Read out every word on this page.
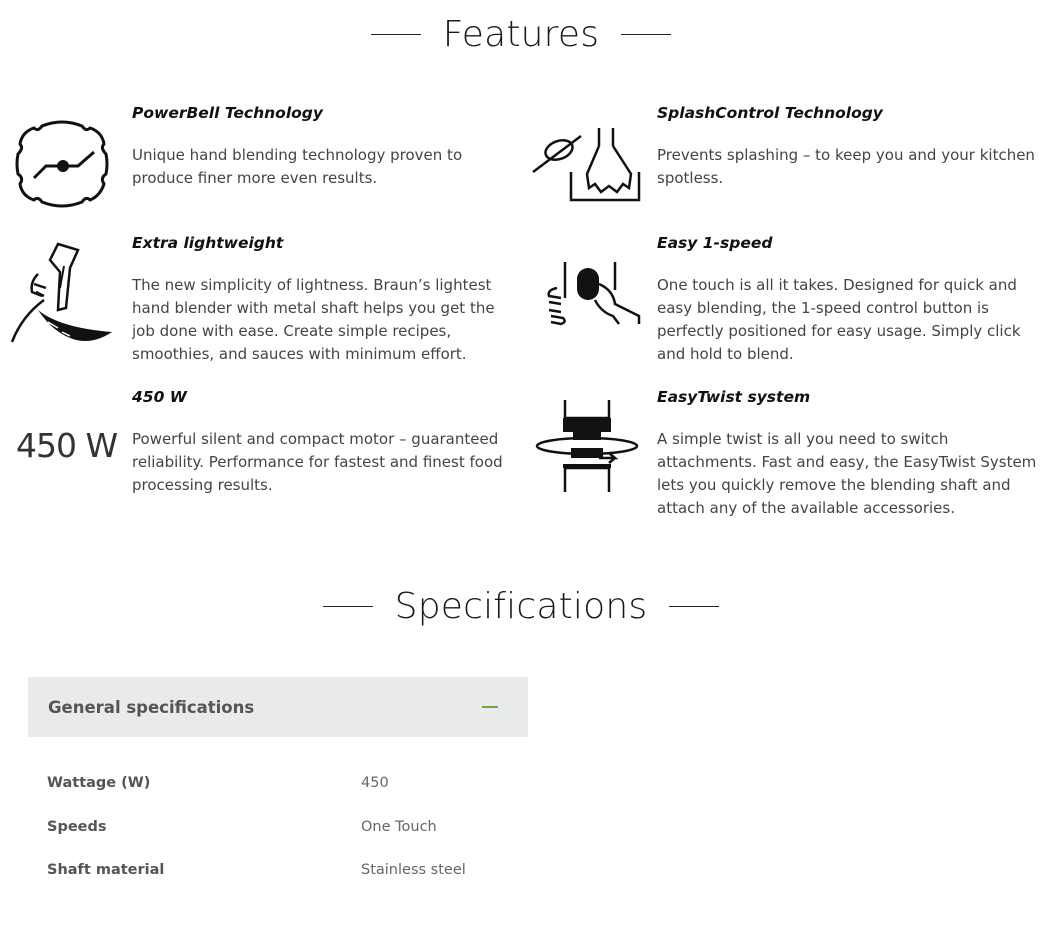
Features
PowerBell Technology
Unique hand blending technology proven to produce finer more even results.
SplashControl Technology
Prevents splashing – to keep you and your kitchen spotless.
Extra lightweight
The new simplicity of lightness. Braun’s lightest hand blender with metal shaft helps you get the job done with ease. Create simple recipes, smoothies, and sauces with minimum effort.
Easy 1-speed
One touch is all it takes. Designed for quick and easy blending, the 1-speed control button is perfectly positioned for easy usage. Simply click and hold to blend.
450 W
450 W
Powerful silent and compact motor – guaranteed reliability. Performance for fastest and finest food processing results.
EasyTwist system
A simple twist is all you need to switch attachments. Fast and easy, the EasyTwist System lets you quickly remove the blending shaft and attach any of the available accessories.
Specifications
General specifications
Wattage (W)	450
Speeds	One Touch
Shaft material	Stainless steel
